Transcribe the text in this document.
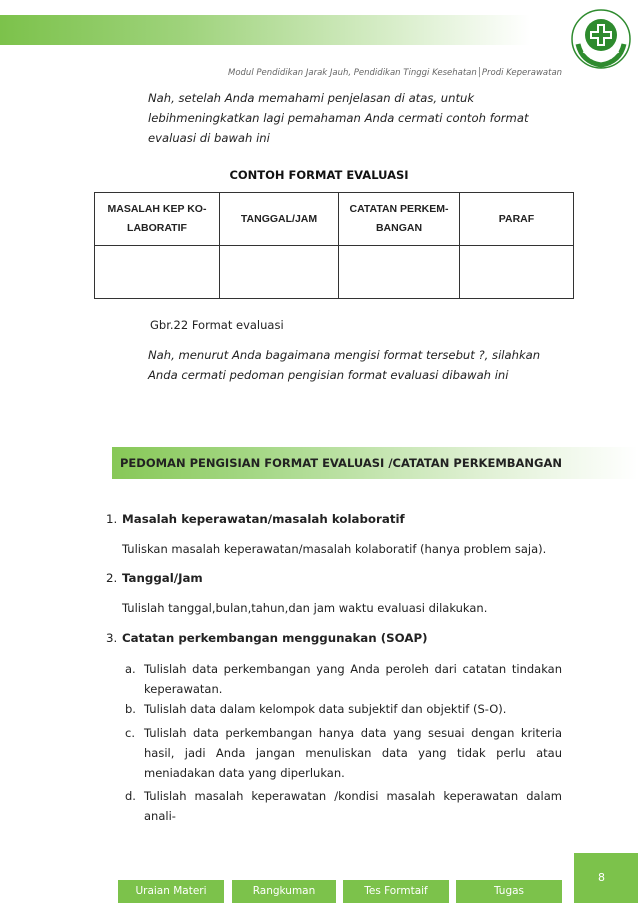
Modul Pendidikan Jarak Jauh, Pendidikan Tinggi Kesehatan│Prodi Keperawatan
Nah, setelah Anda memahami penjelasan di atas, untuk lebihmeningkatkan lagi pemahaman Anda cermati contoh format evaluasi di bawah ini
CONTOH FORMAT EVALUASI
MASALAH KEP KO- LABORATIF	TANGGAL/JAM	CATATAN PERKEM- BANGAN	PARAF

Gbr.22 Format evaluasi
Nah, menurut Anda bagaimana mengisi format tersebut ?, silahkan Anda cermati pedoman pengisian format evaluasi dibawah ini
PEDOMAN PENGISIAN FORMAT EVALUASI /CATATAN PERKEMBANGAN
1. Masalah keperawatan/masalah kolaboratif
Tuliskan masalah keperawatan/masalah kolaboratif (hanya problem saja).
2. Tanggal/Jam
Tulislah tanggal,bulan,tahun,dan jam waktu evaluasi dilakukan.
3. Catatan perkembangan menggunakan (SOAP)
a. Tulislah data perkembangan yang Anda peroleh dari catatan tindakan keperawatan.
b. Tulislah data dalam kelompok data subjektif dan objektif (S-O).
c. Tulislah data perkembangan hanya data yang sesuai dengan kriteria hasil, jadi Anda jangan menuliskan data yang tidak perlu atau meniadakan data yang diperlukan.
d. Tulislah masalah keperawatan /kondisi masalah keperawatan dalam anali-
8
Uraian Materi	Rangkuman	Tes Formtaif	Tugas
